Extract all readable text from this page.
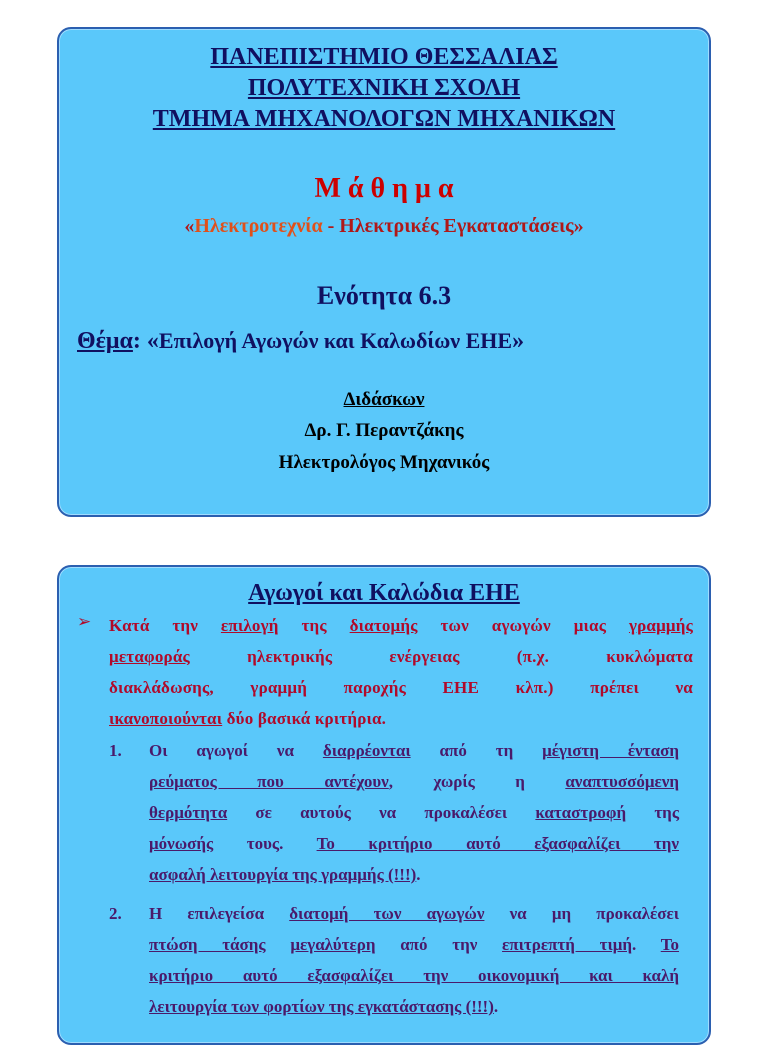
ΠΑΝΕΠΙΣΤΗΜΙΟ ΘΕΣΣΑΛΙΑΣ

ΠΟΛΥΤΕΧΝΙΚΗ ΣΧΟΛΗ

ΤΜΗΜΑ ΜΗΧΑΝΟΛΟΓΩΝ ΜΗΧΑΝΙΚΩΝ

Μ ά θ η μ α

«Ηλεκτροτεχνία - Ηλεκτρικές Εγκαταστάσεις»

Ενότητα 6.3

Θέμα: «Επιλογή Αγωγών και Καλωδίων ΕΗΕ»

Διδάσκων

Δρ. Γ. Περαντζάκης

Ηλεκτρολόγος Μηχανικός

Αγωγοί και Καλώδια ΕΗΕ

➢ Κατά την επιλογή της διατομής των αγωγών μιας γραμμής

μεταφοράς ηλεκτρικής ενέργειας (π.χ. κυκλώματα

διακλάδωσης, γραμμή παροχής ΕΗΕ κλπ.) πρέπει να

ικανοποιούνται δύο βασικά κριτήρια.

1. Οι αγωγοί να διαρρέονται από τη μέγιστη ένταση

ρεύματος που αντέχουν, χωρίς η αναπτυσσόμενη

θερμότητα σε αυτούς να προκαλέσει καταστροφή της

μόνωσής τους. Το κριτήριο αυτό εξασφαλίζει την

ασφαλή λειτουργία της γραμμής (!!!).

2. Η επιλεγείσα διατομή των αγωγών να μη προκαλέσει

πτώση τάσης μεγαλύτερη από την επιτρεπτή τιμή. Το

κριτήριο αυτό εξασφαλίζει την οικονομική και καλή

λειτουργία των φορτίων της εγκατάστασης (!!!).
